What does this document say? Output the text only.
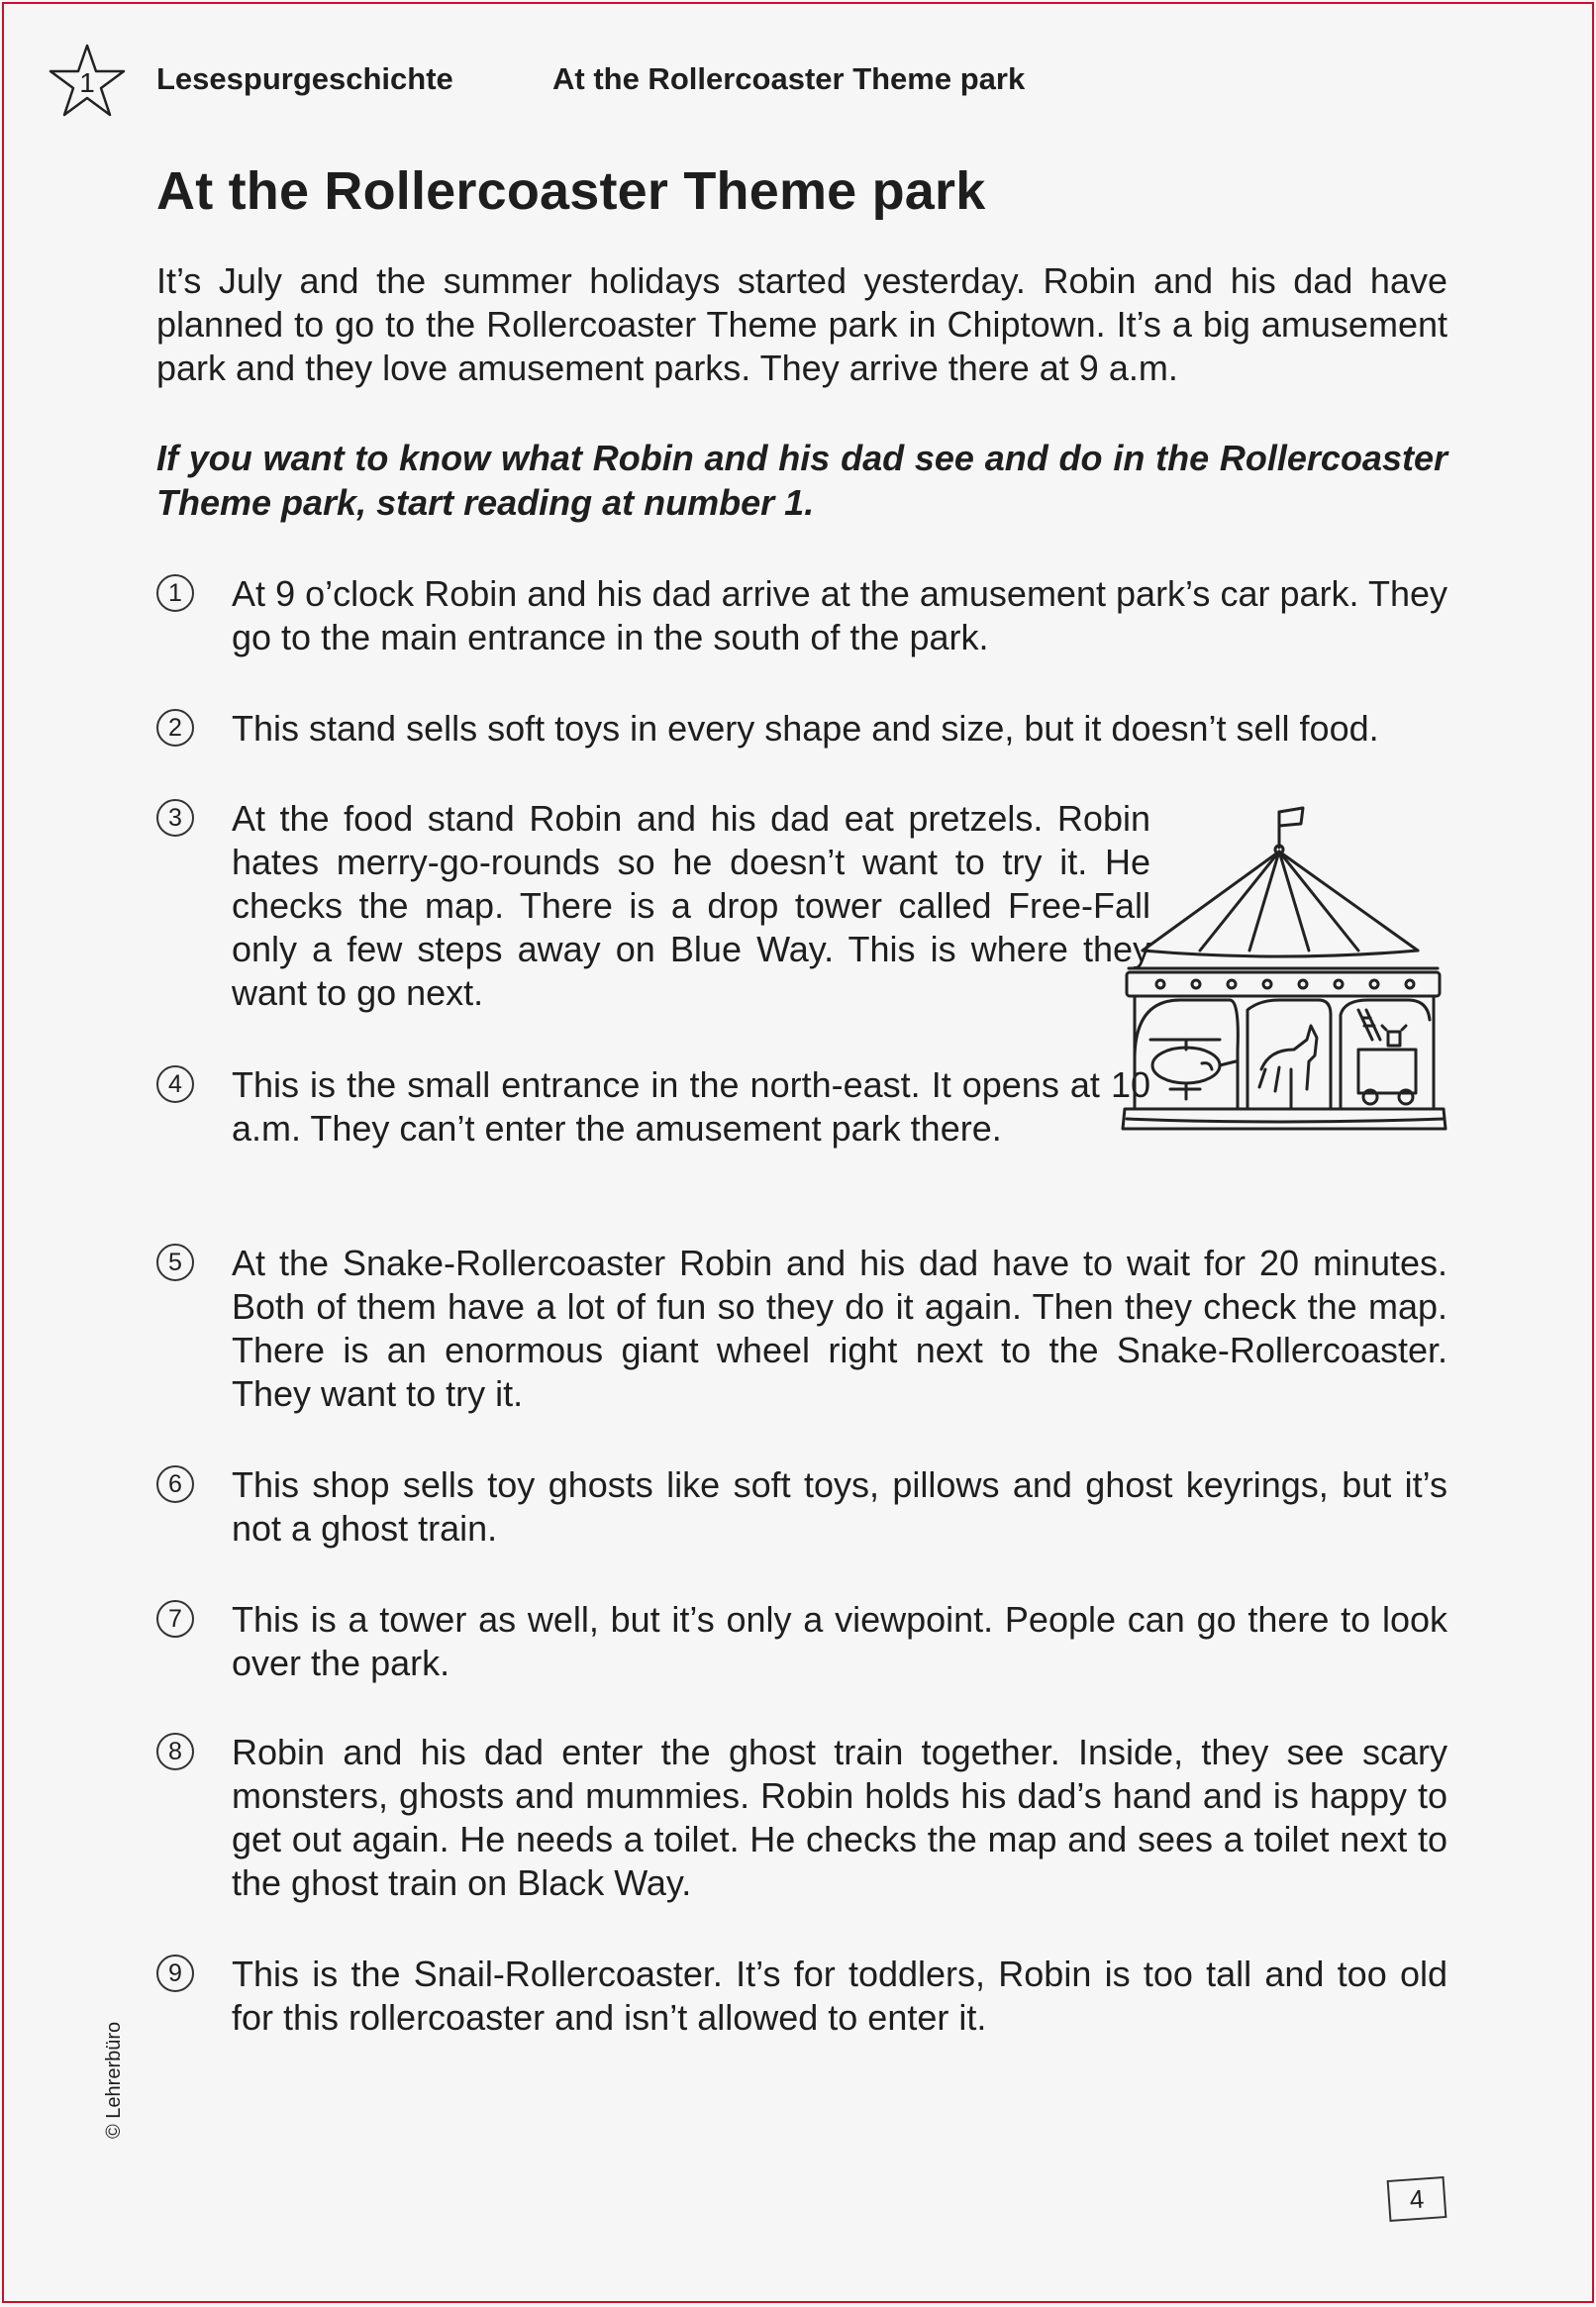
1	Lesespurgeschichte	At the Rollercoaster Theme park
At the Rollercoaster Theme park

It’s July and the summer holidays started yesterday. Robin and his dad have planned to go to the Rollercoaster Theme park in Chiptown. It’s a big amusement park and they love amusement parks. They arrive there at 9 a.m.

If you want to know what Robin and his dad see and do in the Rollercoaster Theme park, start reading at number 1.

1	At 9 o’clock Robin and his dad arrive at the amusement park’s car park. They go to the main entrance in the south of the park.

2	This stand sells soft toys in every shape and size, but it doesn’t sell food.

3	At the food stand Robin and his dad eat pretzels. Robin hates merry-go-rounds so he doesn’t want to try it. He checks the map. There is a drop tower called Free-Fall only a few steps away on Blue Way. This is where they want to go next.

4	This is the small entrance in the north-east. It opens at 10 a.m. They can’t enter the amusement park there.

5	At the Snake-Rollercoaster Robin and his dad have to wait for 20 minutes. Both of them have a lot of fun so they do it again. Then they check the map. There is an enormous giant wheel right next to the Snake-Rollercoaster. They want to try it.

6	This shop sells toy ghosts like soft toys, pillows and ghost keyrings, but it’s not a ghost train.

7	This is a tower as well, but it’s only a viewpoint. People can go there to look over the park.

8	Robin and his dad enter the ghost train together. Inside, they see scary monsters, ghosts and mummies. Robin holds his dad’s hand and is happy to get out again. He needs a toilet. He checks the map and sees a toilet next to the ghost train on Black Way.

9	This is the Snail-Rollercoaster. It’s for toddlers, Robin is too tall and too old for this rollercoaster and isn’t allowed to enter it.

© Lehrerbüro
4
